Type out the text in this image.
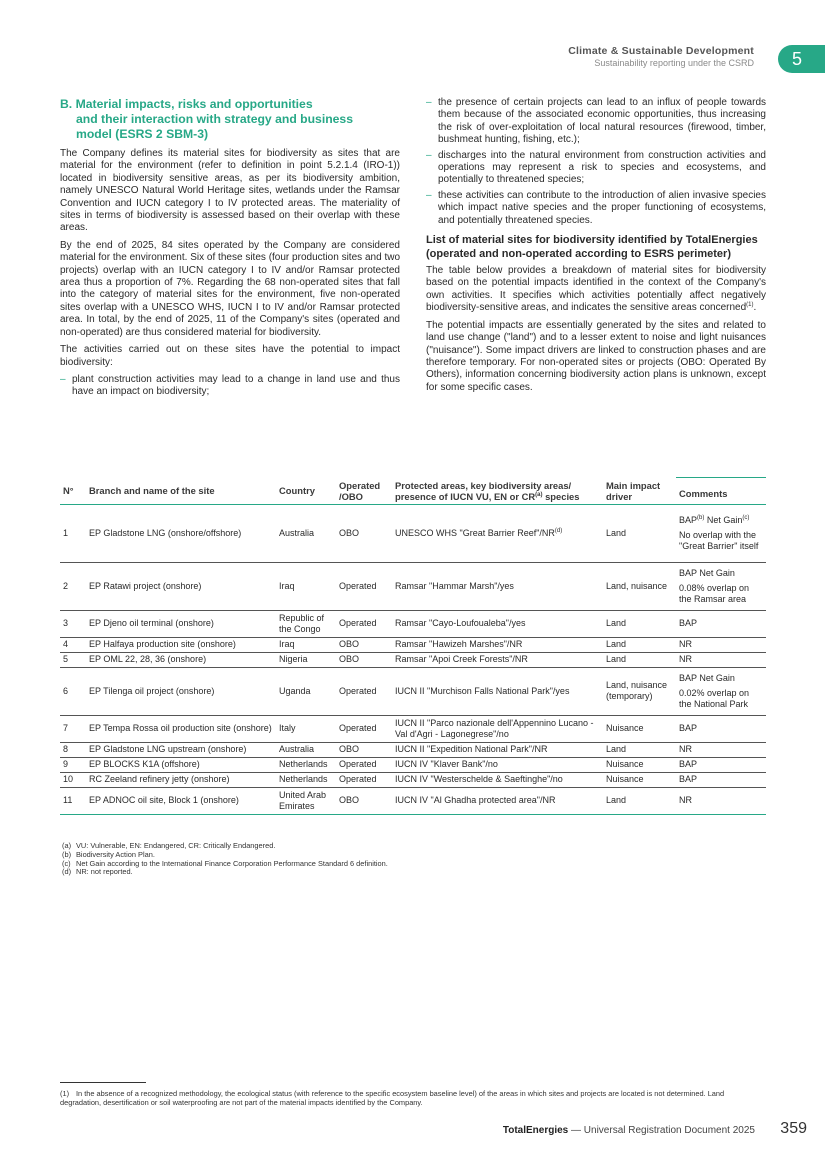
Climate & Sustainable Development
Sustainability reporting under the CSRD	5
B. Material impacts, risks and opportunities
and their interaction with strategy and business
model (ESRS 2 SBM-3)

The Company defines its material sites for biodiversity as sites that are material for the environment (refer to definition in point 5.2.1.4 (IRO-1)) located in biodiversity sensitive areas, as per its biodiversity ambition, namely UNESCO Natural World Heritage sites, wetlands under the Ramsar Convention and IUCN category I to IV protected areas. The materiality of sites in terms of biodiversity is assessed based on their overlap with these areas.

By the end of 2025, 84 sites operated by the Company are considered material for the environment. Six of these sites (four production sites and two projects) overlap with an IUCN category I to IV and/or Ramsar protected area thus a proportion of 7%. Regarding the 68 non-operated sites that fall into the category of material sites for the environment, five non-operated sites overlap with a UNESCO WHS, IUCN I to IV and/or Ramsar protected area. In total, by the end of 2025, 11 of the Company's sites (operated and non-operated) are thus considered material for biodiversity.

The activities carried out on these sites have the potential to impact biodiversity:

– plant construction activities may lead to a change in land use and thus have an impact on biodiversity;
– the presence of certain projects can lead to an influx of people towards them because of the associated economic opportunities, thus increasing the risk of over-exploitation of local natural resources (firewood, timber, bushmeat hunting, fishing, etc.);
– discharges into the natural environment from construction activities and operations may represent a risk to species and ecosystems, and potentially to threatened species;
– these activities can contribute to the introduction of alien invasive species which impact native species and the proper functioning of ecosystems, and potentially threatened species.
List of material sites for biodiversity identified by TotalEnergies (operated and non-operated according to ESRS perimeter)

The table below provides a breakdown of material sites for biodiversity based on the potential impacts identified in the context of the Company's own activities. It specifies which activities potentially affect negatively biodiversity-sensitive areas, and indicates the sensitive areas concerned$^{(1)}$.

The potential impacts are essentially generated by the sites and related to land use change ("land") and to a lesser extent to noise and light nuisances ("nuisance"). Some impact drivers are linked to construction phases and are therefore temporary. For non-operated sites or projects (OBO: Operated By Others), information concerning biodiversity action plans is unknown, except for some specific cases.

N°	Branch and name of the site	Country	Operated /OBO	Protected areas, key biodiversity areas/ presence of IUCN VU, EN or CR$^{(a)}$ species	Main impact driver	Comments
1	EP Gladstone LNG (onshore/offshore)	Australia	OBO	UNESCO WHS "Great Barrier Reef"/NR$^{(d)}$	Land	BAP$^{(b)}$ Net Gain$^{(c)}$
No overlap with the "Great Barrier" itself

2	EP Ratawi project (onshore)	Iraq	Operated	Ramsar "Hammar Marsh"/yes	Land, nuisance	BAP Net Gain
0.08% overlap on the Ramsar area

3	EP Djeno oil terminal (onshore)	Republic of the Congo	Operated	Ramsar "Cayo-Loufoualeba"/yes	Land	BAP
4	EP Halfaya production site (onshore)	Iraq	OBO	Ramsar "Hawizeh Marshes"/NR	Land	NR
5	EP OML 22, 28, 36 (onshore)	Nigeria	OBO	Ramsar "Apoi Creek Forests"/NR	Land	NR
6	EP Tilenga oil project (onshore)	Uganda	Operated	IUCN II "Murchison Falls National Park"/yes	Land, nuisance (temporary)	BAP Net Gain
0.02% overlap on the National Park

7	EP Tempa Rossa oil production site (onshore)	Italy	Operated	IUCN II "Parco nazionale dell'Appennino Lucano - Val d'Agri - Lagonegrese"/no	Nuisance	BAP
8	EP Gladstone LNG upstream (onshore)	Australia	OBO	IUCN II "Expedition National Park"/NR	Land	NR
9	EP BLOCKS K1A (offshore)	Netherlands	Operated	IUCN IV "Klaver Bank"/no	Nuisance	BAP
10	RC Zeeland refinery jetty (onshore)	Netherlands	Operated	IUCN IV "Westerschelde & Saeftinghe"/no	Nuisance	BAP
11	EP ADNOC oil site, Block 1 (onshore)	United Arab Emirates	OBO	IUCN IV "Al Ghadha protected area"/NR	Land	NR
(a) VU: Vulnerable, EN: Endangered, CR: Critically Endangered.
(b) Biodiversity Action Plan.
(c) Net Gain according to the International Finance Corporation Performance Standard 6 definition.
(d) NR: not reported.
(1) In the absence of a recognized methodology, the ecological status (with reference to the specific ecosystem baseline level) of the areas in which sites and projects are located is not determined. Land degradation, desertification or soil waterproofing are not part of the material impacts identified by the Company.
TotalEnergies — Universal Registration Document 2025 359
